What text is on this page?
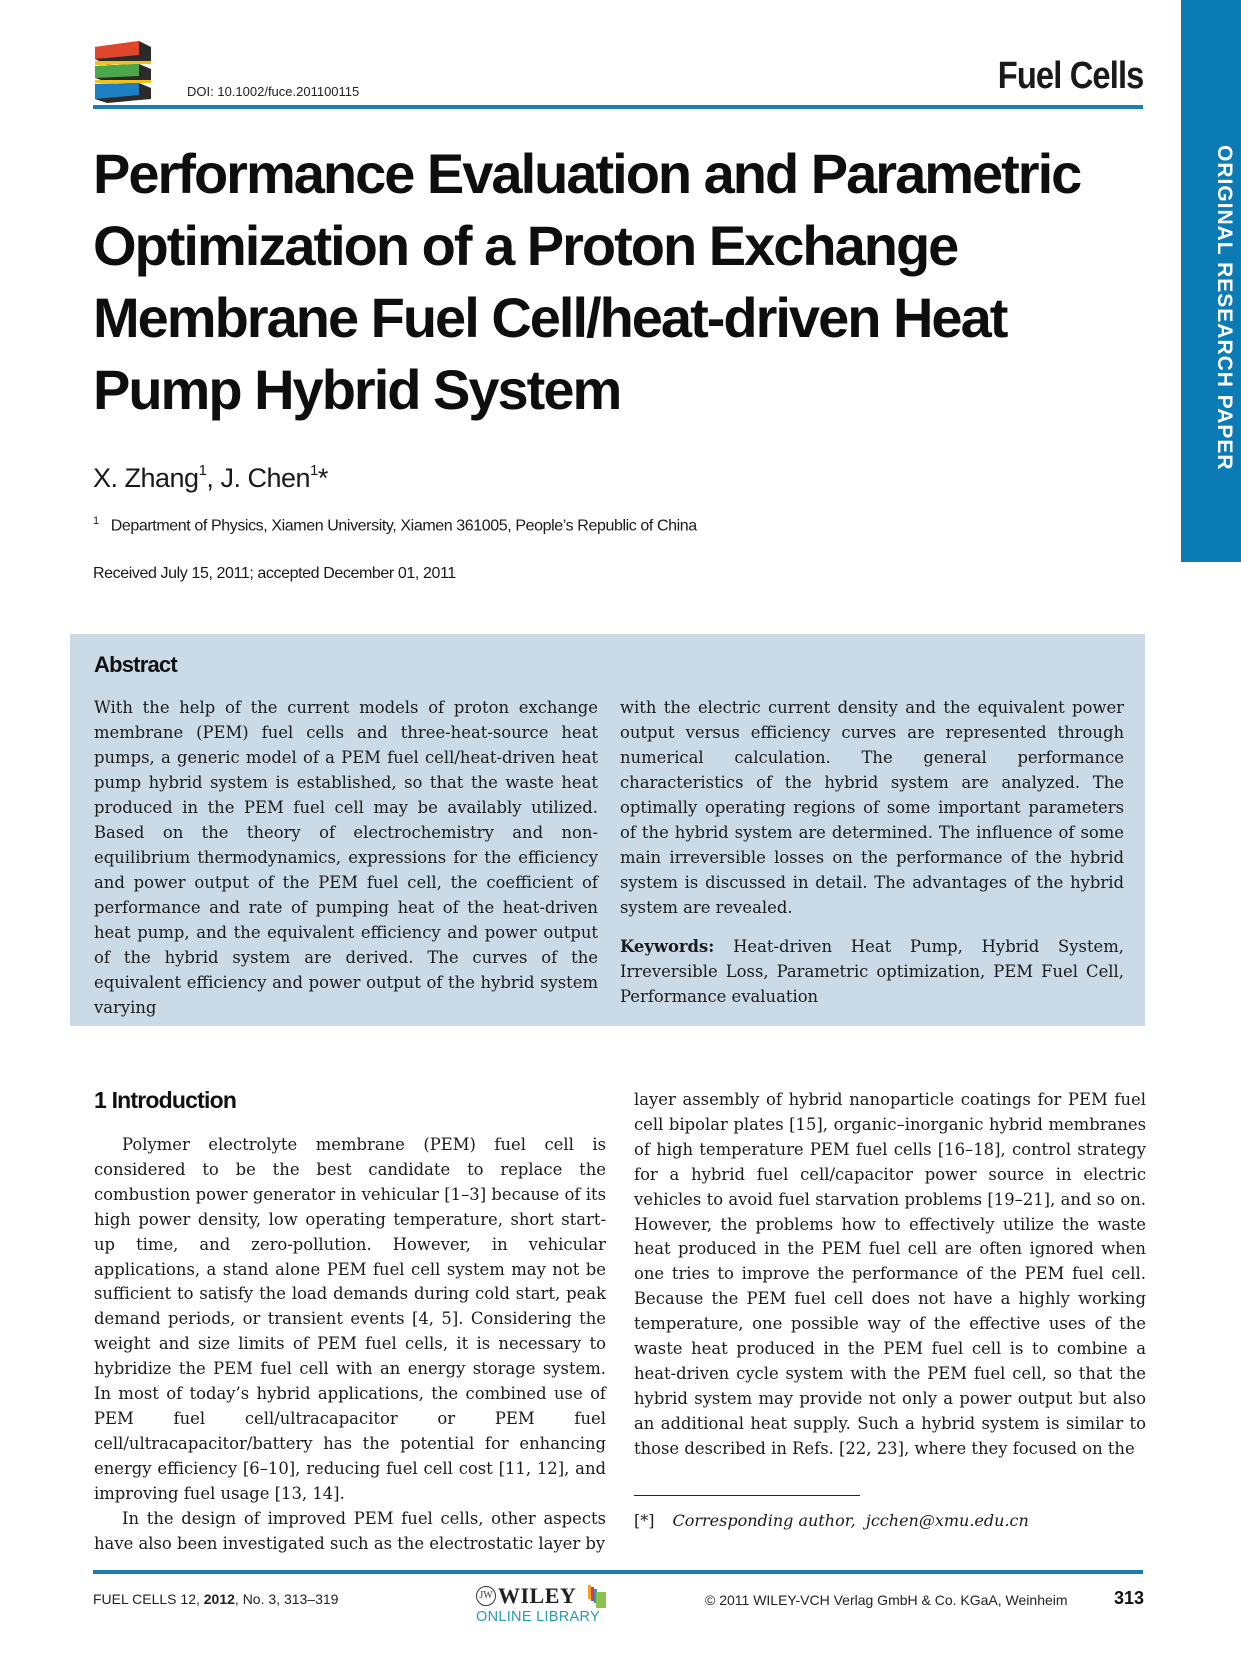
DOI: 10.1002/fuce.201100115	Fuel Cells
ORIGINAL RESEARCH PAPER
Performance Evaluation and Parametric Optimization of a Proton Exchange Membrane Fuel Cell/heat-driven Heat Pump Hybrid System
X. Zhang$^1$, J. Chen$^1$*
$^1$ Department of Physics, Xiamen University, Xiamen 361005, People’s Republic of China
Received July 15, 2011; accepted December 01, 2011
Abstract

With the help of the current models of proton exchange membrane (PEM) fuel cells and three-heat-source heat pumps, a generic model of a PEM fuel cell/heat-driven heat pump hybrid system is established, so that the waste heat produced in the PEM fuel cell may be availably utilized. Based on the theory of electrochemistry and non-equilibrium thermodynamics, expressions for the efficiency and power output of the PEM fuel cell, the coefficient of performance and rate of pumping heat of the heat-driven heat pump, and the equivalent efficiency and power output of the hybrid system are derived. The curves of the equivalent efficiency and power output of the hybrid system varying

with the electric current density and the equivalent power output versus efficiency curves are represented through numerical calculation. The general performance characteristics of the hybrid system are analyzed. The optimally operating regions of some important parameters of the hybrid system are determined. The influence of some main irreversible losses on the performance of the hybrid system is discussed in detail. The advantages of the hybrid system are revealed.

Keywords: Heat-driven Heat Pump, Hybrid System, Irreversible Loss, Parametric optimization, PEM Fuel Cell, Performance evaluation

1 Introduction

Polymer electrolyte membrane (PEM) fuel cell is considered to be the best candidate to replace the combustion power generator in vehicular [1–3] because of its high power density, low operating temperature, short start-up time, and zero-pollution. However, in vehicular applications, a stand alone PEM fuel cell system may not be sufficient to satisfy the load demands during cold start, peak demand periods, or transient events [4, 5]. Considering the weight and size limits of PEM fuel cells, it is necessary to hybridize the PEM fuel cell with an energy storage system. In most of today’s hybrid applications, the combined use of PEM fuel cell/ultracapacitor or PEM fuel cell/ultracapacitor/battery has the potential for enhancing energy efficiency [6–10], reducing fuel cell cost [11, 12], and improving fuel usage [13, 14].

In the design of improved PEM fuel cells, other aspects have also been investigated such as the electrostatic layer by

layer assembly of hybrid nanoparticle coatings for PEM fuel cell bipolar plates [15], organic–inorganic hybrid membranes of high temperature PEM fuel cells [16–18], control strategy for a hybrid fuel cell/capacitor power source in electric vehicles to avoid fuel starvation problems [19–21], and so on. However, the problems how to effectively utilize the waste heat produced in the PEM fuel cell are often ignored when one tries to improve the performance of the PEM fuel cell. Because the PEM fuel cell does not have a highly working temperature, one possible way of the effective uses of the waste heat produced in the PEM fuel cell is to combine a heat-driven cycle system with the PEM fuel cell, so that the hybrid system may provide not only a power output but also an additional heat supply. Such a hybrid system is similar to those described in Refs. [22, 23], where they focused on the

[*] Corresponding author, jcchen@xmu.edu.cn
FUEL CELLS 12, 2012, No. 3, 313–319	JW WILEY
ONLINE LIBRARY
© 2011 WILEY-VCH Verlag GmbH & Co. KGaA, Weinheim	313
